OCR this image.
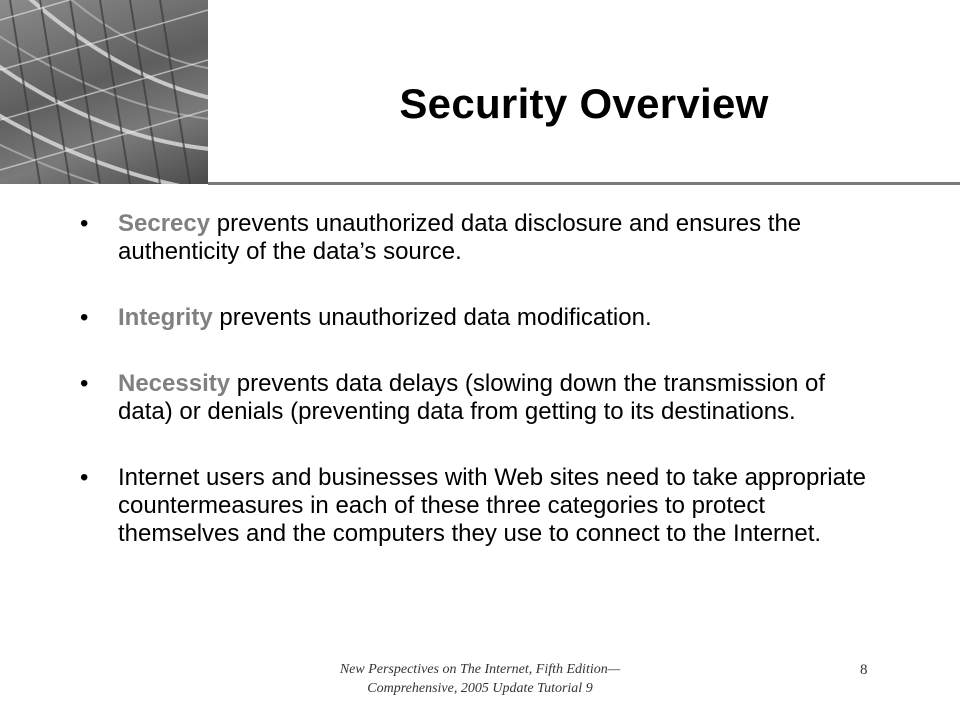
Security Overview
• Secrecy prevents unauthorized data disclosure and ensures the authenticity of the data’s source.
• Integrity prevents unauthorized data modification.
• Necessity prevents data delays (slowing down the transmission of data) or denials (preventing data from getting to its destinations.
• Internet users and businesses with Web sites need to take appropriate countermeasures in each of these three categories to protect themselves and the computers they use to connect to the Internet.
New Perspectives on The Internet, Fifth Edition—
Comprehensive, 2005 Update Tutorial 9
8
